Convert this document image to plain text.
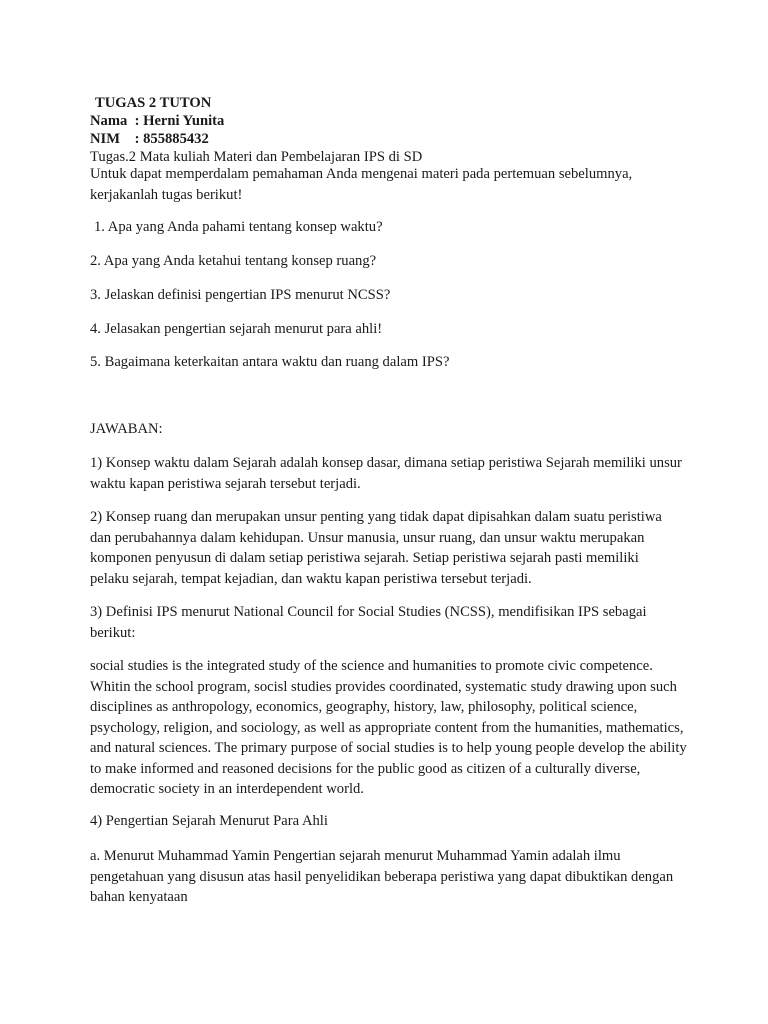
TUGAS 2 TUTON

Nama  : Herni Yunita

NIM    : 855885432

Tugas.2 Mata kuliah Materi dan Pembelajaran IPS di SD

Untuk dapat memperdalam pemahaman Anda mengenai materi pada pertemuan sebelumnya, kerjakanlah tugas berikut!

1. Apa yang Anda pahami tentang konsep waktu?

2. Apa yang Anda ketahui tentang konsep ruang?

3. Jelaskan definisi pengertian IPS menurut NCSS?

4. Jelasakan pengertian sejarah menurut para ahli!

5. Bagaimana keterkaitan antara waktu dan ruang dalam IPS?

JAWABAN:

1) Konsep waktu dalam Sejarah adalah konsep dasar, dimana setiap peristiwa Sejarah memiliki unsur waktu kapan peristiwa sejarah tersebut terjadi.

2) Konsep ruang dan merupakan unsur penting yang tidak dapat dipisahkan dalam suatu peristiwa dan perubahannya dalam kehidupan. Unsur manusia, unsur ruang, dan unsur waktu merupakan komponen penyusun di dalam setiap peristiwa sejarah. Setiap peristiwa sejarah pasti memiliki pelaku sejarah, tempat kejadian, dan waktu kapan peristiwa tersebut terjadi.

3) Definisi IPS menurut National Council for Social Studies (NCSS), mendifisikan IPS sebagai berikut:

social studies is the integrated study of the science and humanities to promote civic competence. Whitin the school program, socisl studies provides coordinated, systematic study drawing upon such disciplines as anthropology, economics, geography, history, law, philosophy, political science, psychology, religion, and sociology, as well as appropriate content from the humanities, mathematics, and natural sciences. The primary purpose of social studies is to help young people develop the ability to make informed and reasoned decisions for the public good as citizen of a culturally diverse, democratic society in an interdependent world.

4) Pengertian Sejarah Menurut Para Ahli

a. Menurut Muhammad Yamin Pengertian sejarah menurut Muhammad Yamin adalah ilmu pengetahuan yang disusun atas hasil penyelidikan beberapa peristiwa yang dapat dibuktikan dengan bahan kenyataan
